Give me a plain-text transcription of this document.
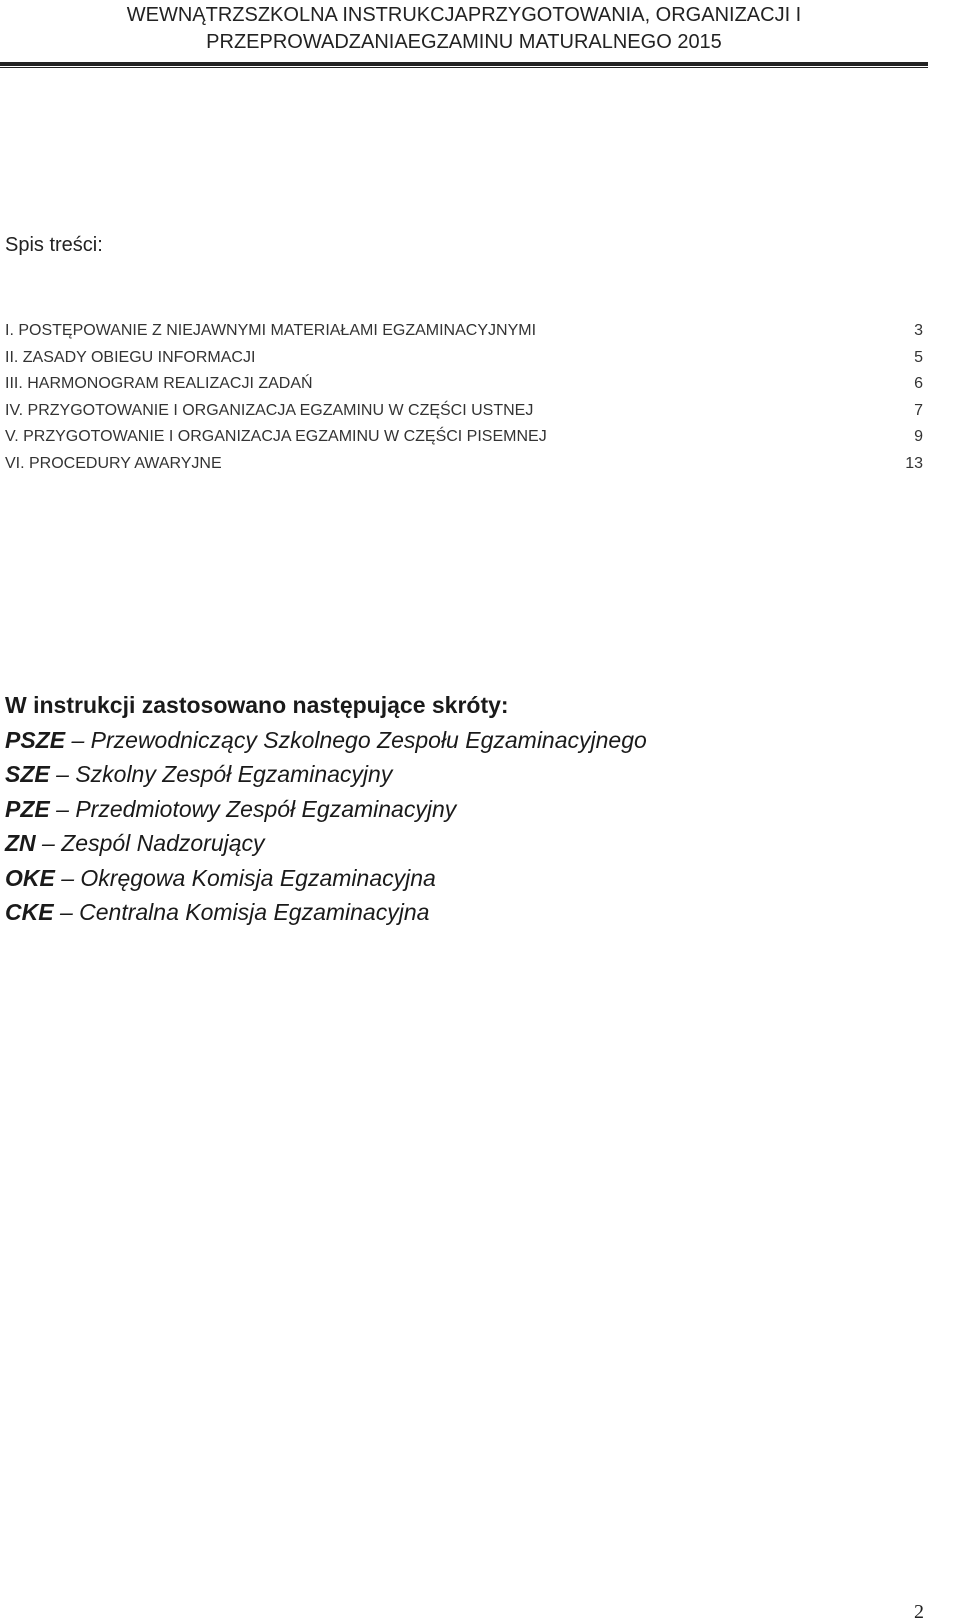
WEWNĄTRZSZKOLNA INSTRUKCJAPRZYGOTOWANIA, ORGANIZACJI I
PRZEPROWADZANIAEGZAMINU MATURALNEGO 2015
Spis treści:
I. POSTĘPOWANIE Z NIEJAWNYMI MATERIAŁAMI EGZAMINACYJNYMI	3
II. ZASADY OBIEGU INFORMACJI	5
III. HARMONOGRAM REALIZACJI ZADAŃ	6
IV. PRZYGOTOWANIE I ORGANIZACJA EGZAMINU W CZĘŚCI USTNEJ	7
V. PRZYGOTOWANIE I ORGANIZACJA EGZAMINU W CZĘŚCI PISEMNEJ	9
VI. PROCEDURY AWARYJNE	13
W instrukcji zastosowano następujące skróty:
PSZE – Przewodniczący Szkolnego Zespołu Egzaminacyjnego
SZE – Szkolny Zespół Egzaminacyjny
PZE – Przedmiotowy Zespół Egzaminacyjny
ZN – Zespól Nadzorujący
OKE – Okręgowa Komisja Egzaminacyjna
CKE – Centralna Komisja Egzaminacyjna
2
